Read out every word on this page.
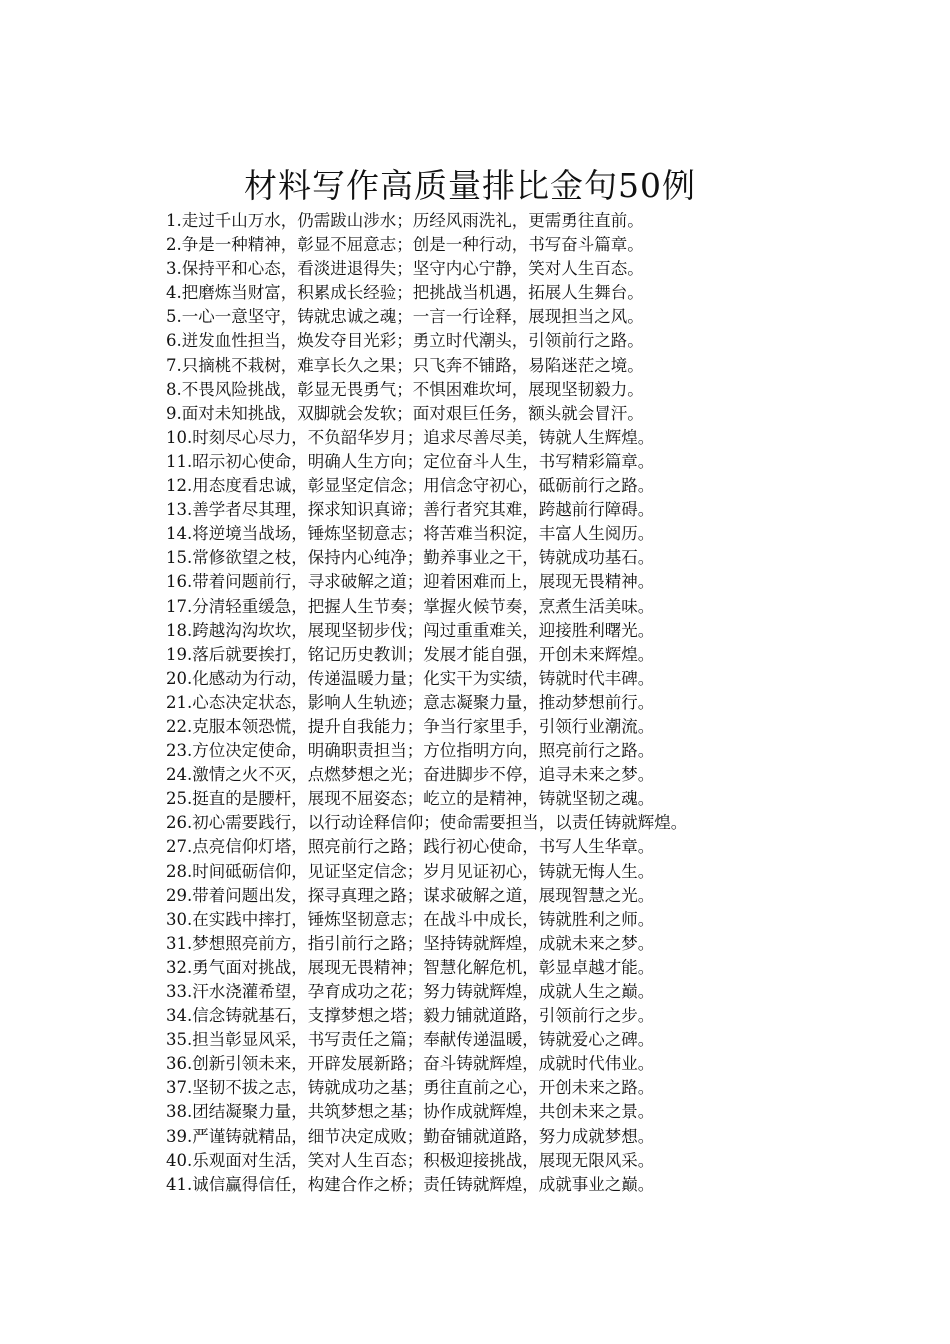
材料写作高质量排比金句50例
1.走过千山万水，仍需跋山涉水；历经风雨洗礼，更需勇往直前。
2.争是一种精神，彰显不屈意志；创是一种行动，书写奋斗篇章。
3.保持平和心态，看淡进退得失；坚守内心宁静，笑对人生百态。
4.把磨炼当财富，积累成长经验；把挑战当机遇，拓展人生舞台。
5.一心一意坚守，铸就忠诚之魂；一言一行诠释，展现担当之风。
6.迸发血性担当，焕发夺目光彩；勇立时代潮头，引领前行之路。
7.只摘桃不栽树，难享长久之果；只飞奔不铺路，易陷迷茫之境。
8.不畏风险挑战，彰显无畏勇气；不惧困难坎坷，展现坚韧毅力。
9.面对未知挑战，双脚就会发软；面对艰巨任务，额头就会冒汗。
10.时刻尽心尽力，不负韶华岁月；追求尽善尽美，铸就人生辉煌。
11.昭示初心使命，明确人生方向；定位奋斗人生，书写精彩篇章。
12.用态度看忠诚，彰显坚定信念；用信念守初心，砥砺前行之路。
13.善学者尽其理，探求知识真谛；善行者究其难，跨越前行障碍。
14.将逆境当战场，锤炼坚韧意志；将苦难当积淀，丰富人生阅历。
15.常修欲望之枝，保持内心纯净；勤养事业之干，铸就成功基石。
16.带着问题前行，寻求破解之道；迎着困难而上，展现无畏精神。
17.分清轻重缓急，把握人生节奏；掌握火候节奏，烹煮生活美味。
18.跨越沟沟坎坎，展现坚韧步伐；闯过重重难关，迎接胜利曙光。
19.落后就要挨打，铭记历史教训；发展才能自强，开创未来辉煌。
20.化感动为行动，传递温暖力量；化实干为实绩，铸就时代丰碑。
21.心态决定状态，影响人生轨迹；意志凝聚力量，推动梦想前行。
22.克服本领恐慌，提升自我能力；争当行家里手，引领行业潮流。
23.方位决定使命，明确职责担当；方位指明方向，照亮前行之路。
24.激情之火不灭，点燃梦想之光；奋进脚步不停，追寻未来之梦。
25.挺直的是腰杆，展现不屈姿态；屹立的是精神，铸就坚韧之魂。
26.初心需要践行，以行动诠释信仰；使命需要担当，以责任铸就辉煌。
27.点亮信仰灯塔，照亮前行之路；践行初心使命，书写人生华章。
28.时间砥砺信仰，见证坚定信念；岁月见证初心，铸就无悔人生。
29.带着问题出发，探寻真理之路；谋求破解之道，展现智慧之光。
30.在实践中摔打，锤炼坚韧意志；在战斗中成长，铸就胜利之师。
31.梦想照亮前方，指引前行之路；坚持铸就辉煌，成就未来之梦。
32.勇气面对挑战，展现无畏精神；智慧化解危机，彰显卓越才能。
33.汗水浇灌希望，孕育成功之花；努力铸就辉煌，成就人生之巅。
34.信念铸就基石，支撑梦想之塔；毅力铺就道路，引领前行之步。
35.担当彰显风采，书写责任之篇；奉献传递温暖，铸就爱心之碑。
36.创新引领未来，开辟发展新路；奋斗铸就辉煌，成就时代伟业。
37.坚韧不拔之志，铸就成功之基；勇往直前之心，开创未来之路。
38.团结凝聚力量，共筑梦想之基；协作成就辉煌，共创未来之景。
39.严谨铸就精品，细节决定成败；勤奋铺就道路，努力成就梦想。
40.乐观面对生活，笑对人生百态；积极迎接挑战，展现无限风采。
41.诚信赢得信任，构建合作之桥；责任铸就辉煌，成就事业之巅。
